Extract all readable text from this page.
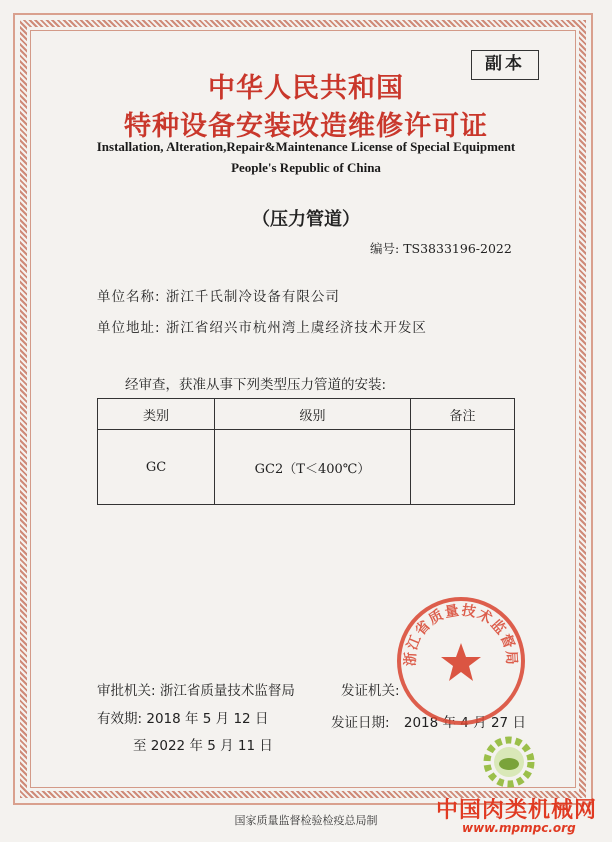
副本
中华人民共和国
特种设备安装改造维修许可证
Installation, Alteration,Repair&Maintenance License of Special Equipment
People's Republic of China
（压力管道）
编号: TS3833196-2022
单位名称: 浙江千氏制冷设备有限公司
单位地址: 浙江省绍兴市杭州湾上虞经济技术开发区
经审查，获准从事下列类型压力管道的安装:
类别	级别	备注
GC	GC2（T＜400℃）	
审批机关: 浙江省质量技术监督局	发证机关:
有效期: 2018 年 5 月 12 日
至 2022 年 5 月 11 日
发证日期: 2018 年 4 月 27 日
浙江省质量技术监督局
国家质量监督检验检疫总局制	中国肉类机械网
www.mpmpc.org
